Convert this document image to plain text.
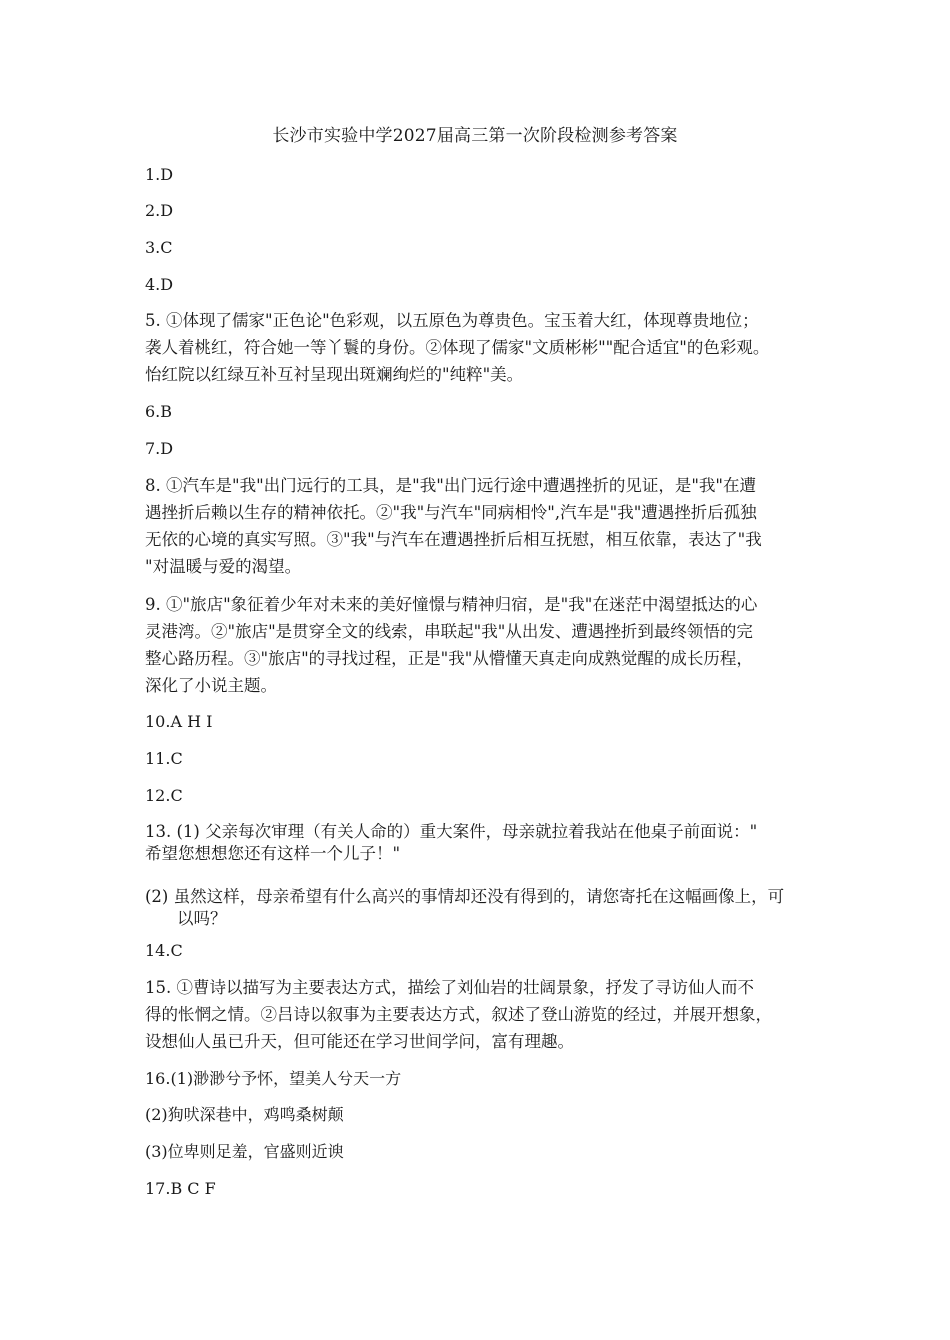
长沙市实验中学2027届高三第一次阶段检测参考答案
1.D
2.D
3.C
4.D

5. ①体现了儒家"正色论"色彩观，以五原色为尊贵色。宝玉着大红，体现尊贵地位；

袭人着桃红，符合她一等丫鬟的身份。②体现了儒家"文质彬彬""配合适宜"的色彩观。

怡红院以红绿互补互衬呈现出斑斓绚烂的"纯粹"美。

6.B
7.D

8. ①汽车是"我"出门远行的工具，是"我"出门远行途中遭遇挫折的见证，是"我"在遭

遇挫折后赖以生存的精神依托。②"我"与汽车"同病相怜",汽车是"我"遭遇挫折后孤独

无依的心境的真实写照。③"我"与汽车在遭遇挫折后相互抚慰，相互依靠，表达了"我

"对温暖与爱的渴望。

9. ①"旅店"象征着少年对未来的美好憧憬与精神归宿，是"我"在迷茫中渴望抵达的心

灵港湾。②"旅店"是贯穿全文的线索，串联起"我"从出发、遭遇挫折到最终领悟的完

整心路历程。③"旅店"的寻找过程，正是"我"从懵懂天真走向成熟觉醒的成长历程，

深化了小说主题。

10.A H I
11.C
12.C

13. (1) 父亲每次审理（有关人命的）重大案件，母亲就拉着我站在他桌子前面说："

希望您想想您还有这样一个儿子！"

(2) 虽然这样，母亲希望有什么高兴的事情却还没有得到的，请您寄托在这幅画像上，可

以吗？

14.C

15. ①曹诗以描写为主要表达方式，描绘了刘仙岩的壮阔景象，抒发了寻访仙人而不

得的怅惘之情。②吕诗以叙事为主要表达方式，叙述了登山游览的经过，并展开想象，

设想仙人虽已升天，但可能还在学习世间学问，富有理趣。

16.(1)渺渺兮予怀，望美人兮天一方
(2)狗吠深巷中，鸡鸣桑树颠
(3)位卑则足羞，官盛则近谀
17.B C F
